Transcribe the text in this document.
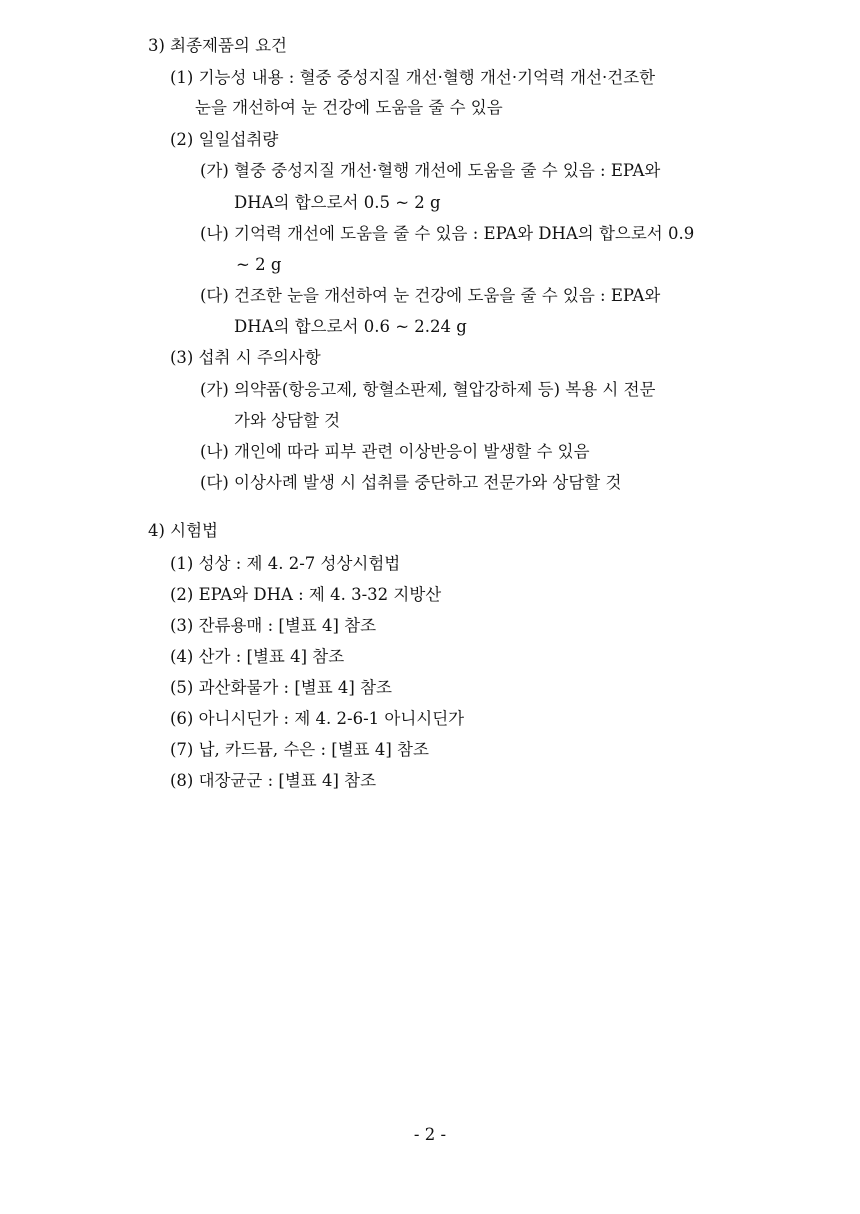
3) 최종제품의 요건
(1) 기능성 내용 : 혈중 중성지질 개선·혈행 개선·기억력 개선·건조한
눈을 개선하여 눈 건강에 도움을 줄 수 있음
(2) 일일섭취량
(가) 혈중 중성지질 개선·혈행 개선에 도움을 줄 수 있음 : EPA와
DHA의 합으로서 0.5 ~ 2 g
(나) 기억력 개선에 도움을 줄 수 있음 : EPA와 DHA의 합으로서 0.9
~ 2 g
(다) 건조한 눈을 개선하여 눈 건강에 도움을 줄 수 있음 : EPA와
DHA의 합으로서 0.6 ~ 2.24 g
(3) 섭취 시 주의사항
(가) 의약품(항응고제, 항혈소판제, 혈압강하제 등) 복용 시 전문
가와 상담할 것
(나) 개인에 따라 피부 관련 이상반응이 발생할 수 있음
(다) 이상사례 발생 시 섭취를 중단하고 전문가와 상담할 것
4) 시험법
(1) 성상 : 제 4. 2-7 성상시험법
(2) EPA와 DHA : 제 4. 3-32 지방산
(3) 잔류용매 : [별표 4] 참조
(4) 산가 : [별표 4] 참조
(5) 과산화물가 : [별표 4] 참조
(6) 아니시딘가 : 제 4. 2-6-1 아니시딘가
(7) 납, 카드뮴, 수은 : [별표 4] 참조
(8) 대장균군 : [별표 4] 참조
- 2 -
